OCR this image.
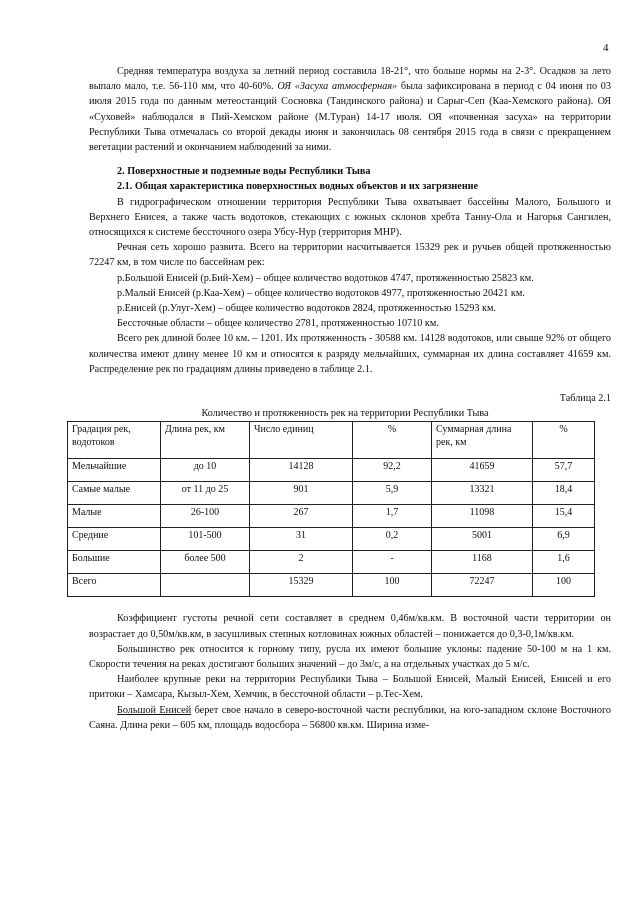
4

Средняя температура воздуха за летний период составила 18-21°, что больше нормы на 2-3°. Осадков за лето выпало мало, т.е. 56-110 мм, что 40-60%. ОЯ «Засуха атмосферная» была зафиксирована в период с 04 июня по 03 июля 2015 года по данным метеостанций Сосновка (Тандинского района) и Сарыг-Сеп (Каа-Хемского района). ОЯ «Суховей» наблюдался в Пий-Хемском районе (М.Туран) 14-17 июля. ОЯ «почвенная засуха» на территории Республики Тыва отмечалась со второй декады июня и закончилась 08 сентября 2015 года в связи с прекращением вегетации растений и окончанием наблюдений за ними.

2. Поверхностные и подземные воды Республики Тыва
2.1. Общая характеристика поверхностных водных объектов и их загрязнение

В гидрографическом отношении территория Республики Тыва охватывает бассейны Малого, Большого и Верхнего Енисея, а также часть водотоков, стекающих с южных склонов хребта Танну-Ола и Нагорья Сангилен, относящихся к системе бессточного озера Убсу-Нур (территория МНР).

Речная сеть хорошо развита. Всего на территории насчитывается 15329 рек и ручьев общей протяженностью 72247 км, в том числе по бассейнам рек:

р.Большой Енисей (р.Бий-Хем) – общее количество водотоков 4747, протяженностью 25823 км.

р.Малый Енисей (р.Каа-Хем) – общее количество водотоков 4977, протяженностью 20421 км.

р.Енисей (р.Улуг-Хем) – общее количество водотоков 2824, протяженностью 15293 км.

Бессточные области – общее количество 2781, протяженностью 10710 км.

Всего рек длиной более 10 км. – 1201. Их протяженность - 30588 км. 14128 водотоков, или свыше 92% от общего количества имеют длину менее 10 км и относятся к разряду мельчайших, суммарная их длина составляет 41659 км. Распределение рек по градациям длины приведено в таблице 2.1.

Таблица 2.1
Количество и протяженность рек на территории Республики Тыва
Градация рек, водотоков	Длина рек, км	Число единиц	%	Суммарная длина рек, км	%
Мельчайшие	до 10	14128	92,2	41659	57,7
Самые малые	от 11 до 25	901	5,9	13321	18,4
Малые	26-100	267	1,7	11098	15,4
Средние	101-500	31	0,2	5001	6,9
Большие	более 500	2	-	1168	1,6
Всего		15329	100	72247	100

Коэффициент густоты речной сети составляет в среднем 0,46м/кв.км. В восточной части территории он возрастает до 0,50м/кв.км, в засушливых степных котловинах южных областей – понижается до 0,3-0,1м/кв.км.

Большинство рек относится к горному типу, русла их имеют большие уклоны: падение 50-100 м на 1 км. Скорости течения на реках достигают больших значений – до 3м/с, а на отдельных участках до 5 м/с.

Наиболее крупные реки на территории Республики Тыва – Большой Енисей, Малый Енисей, Енисей и его притоки – Хамсара, Кызыл-Хем, Хемчик, в бессточной области – р.Тес-Хем.

Большой Енисей берет свое начало в северо-восточной части республики, на юго-западном склоне Восточного Саяна. Длина реки – 605 км, площадь водосбора – 56800 кв.км. Ширина изме-
